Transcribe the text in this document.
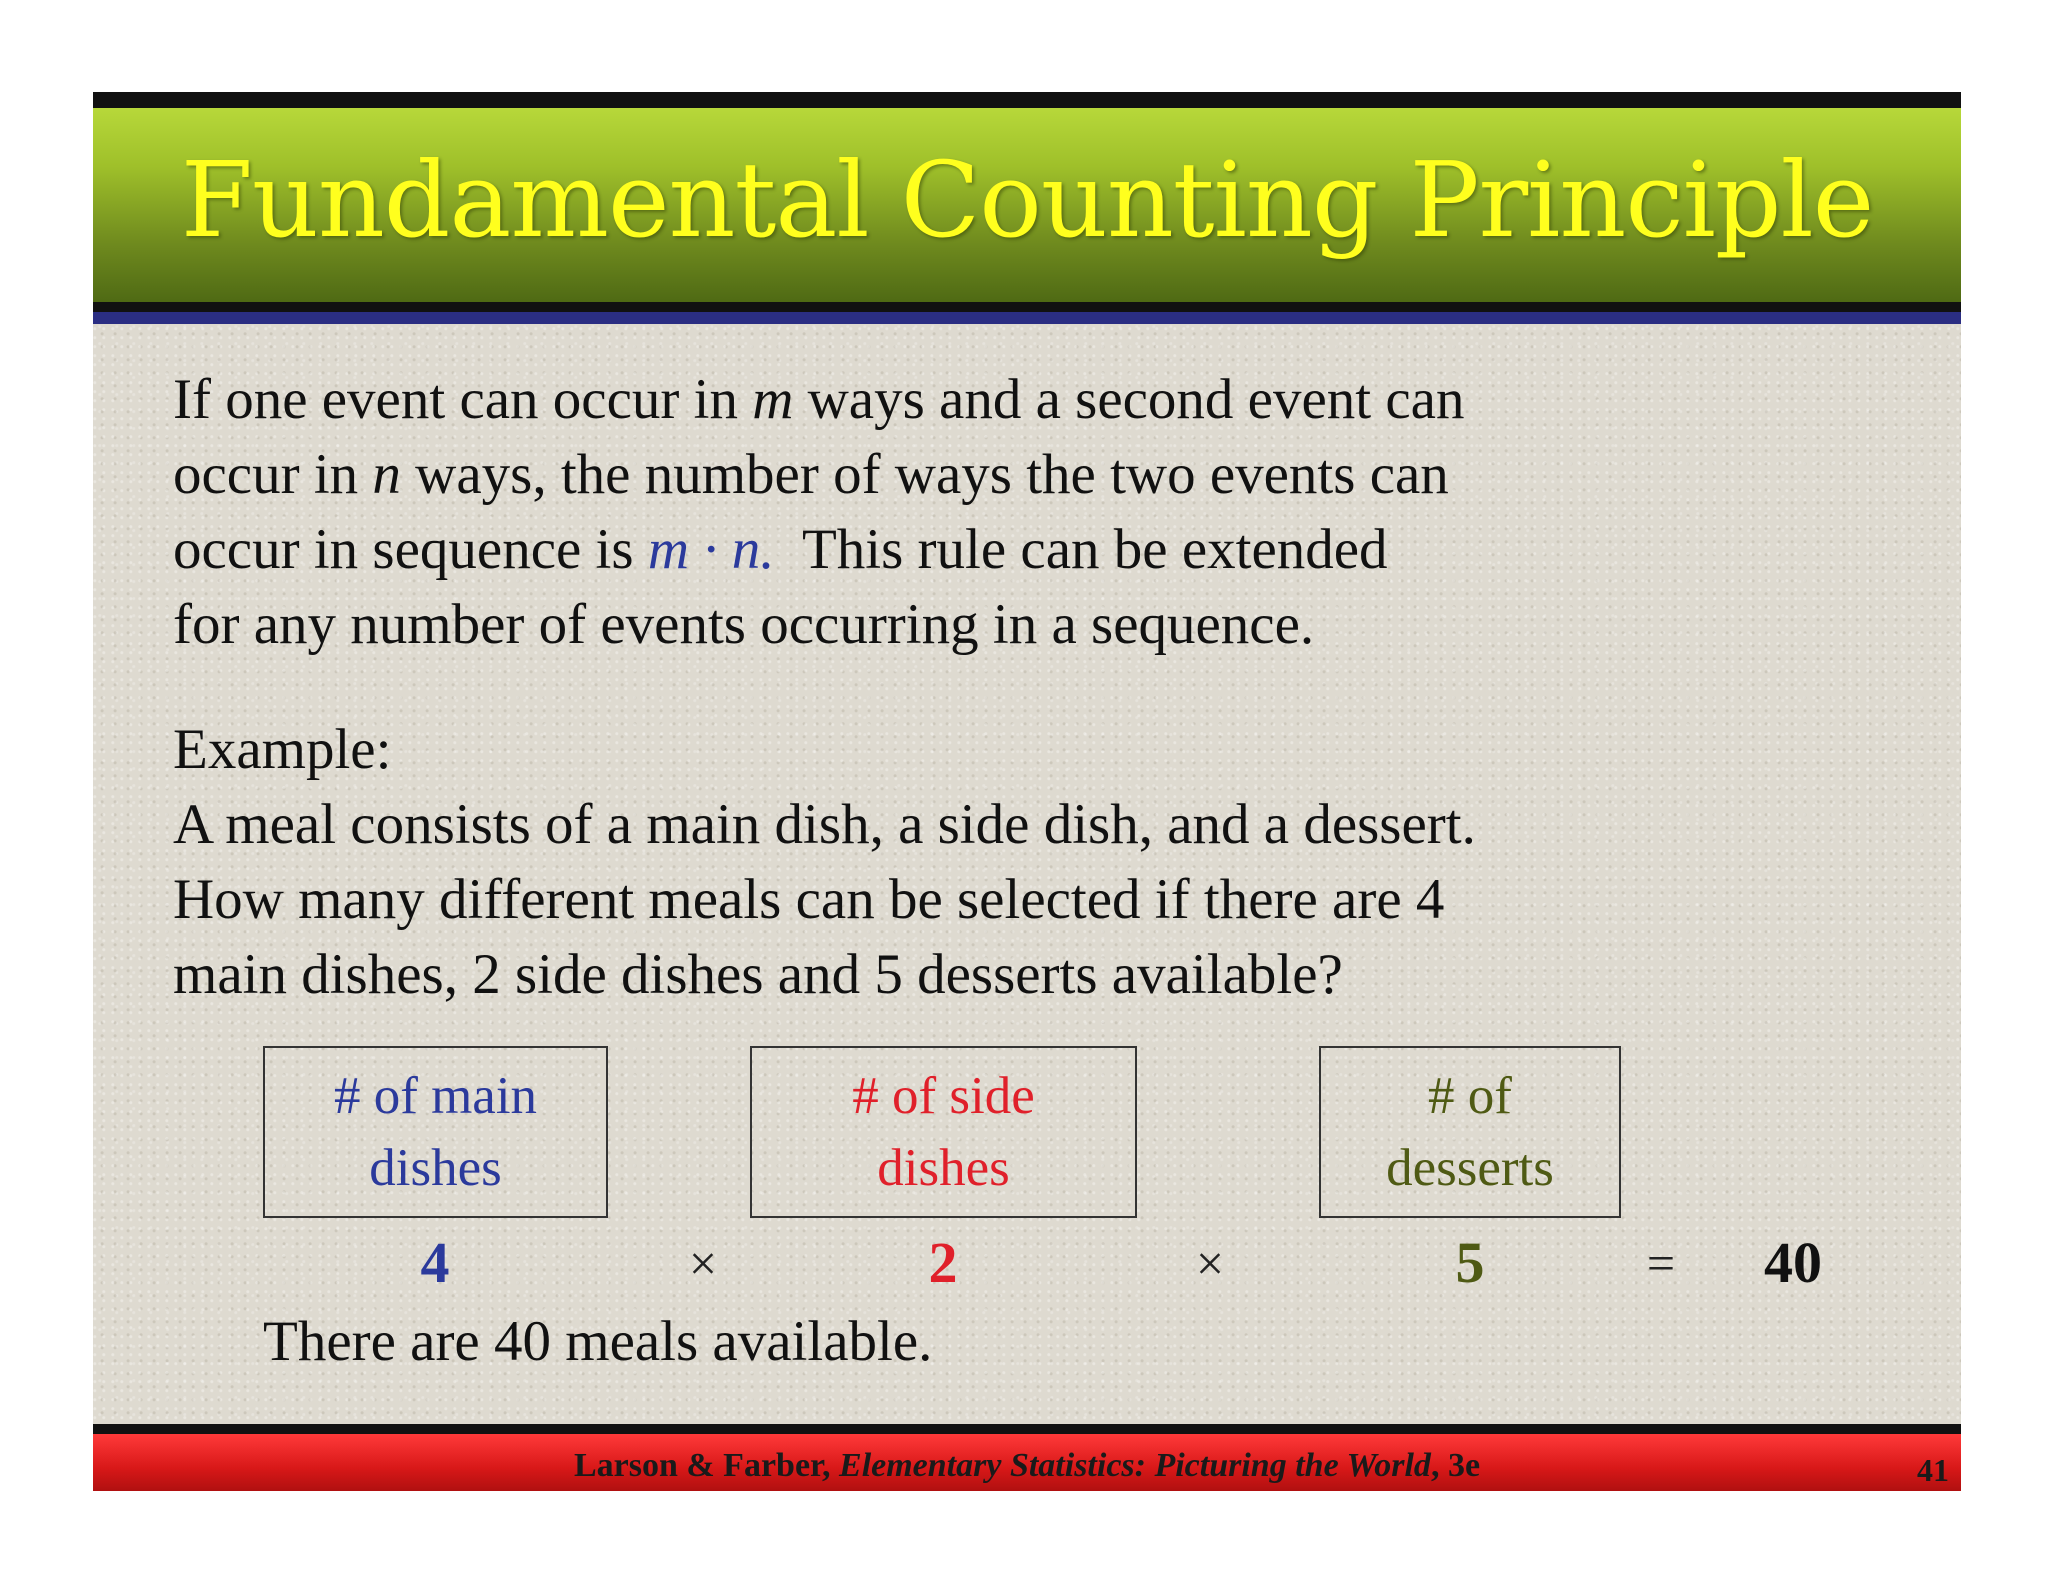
Fundamental Counting Principle
If one event can occur in m ways and a second event can
occur in n ways, the number of ways the two events can
occur in sequence is m · n.  This rule can be extended
for any number of events occurring in a sequence.
Example:
A meal consists of a main dish, a side dish, and a dessert.
How many different meals can be selected if there are 4
main dishes, 2 side dishes and 5 desserts available?
# of main
dishes
# of side
dishes
# of
desserts
4	×	2	×	5	=	40
There are 40 meals available.
Larson & Farber, Elementary Statistics: Picturing the World, 3e	41
